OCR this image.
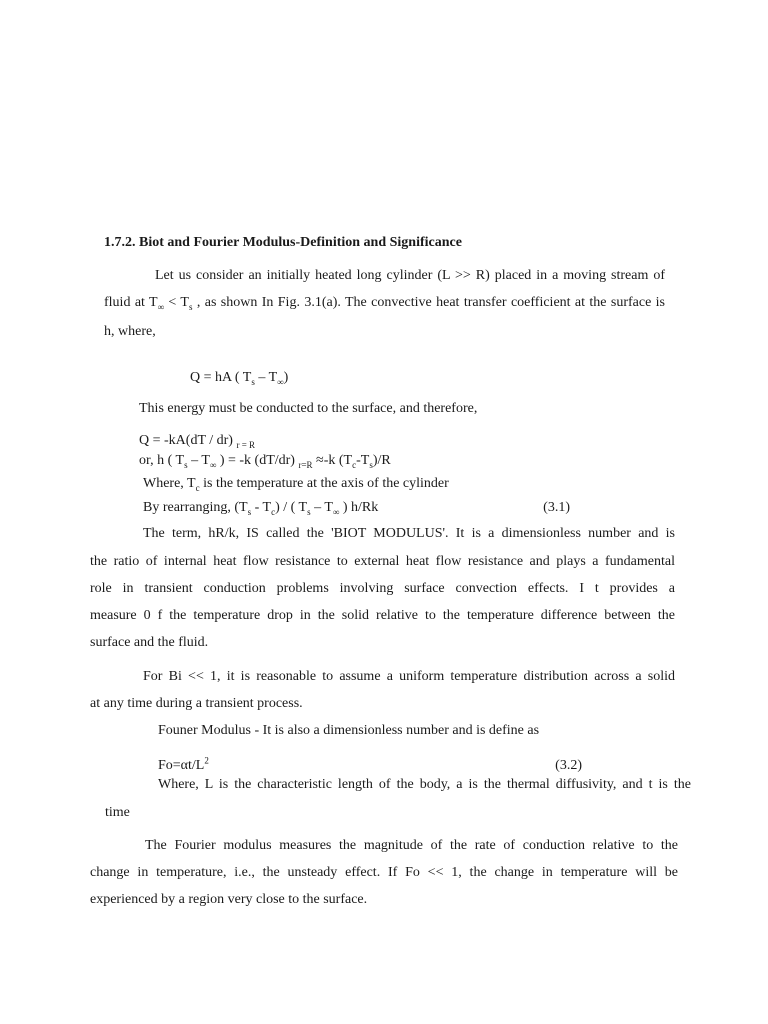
1.7.2. Biot and Fourier Modulus-Definition and Significance
Let us consider an initially heated long cylinder (L >> R) placed in a moving stream of
fluid at $T_\infty < T_s$ , as shown In Fig. 3.1(a). The convective heat transfer coefficient at the surface is
h, where,
Q = hA ( $T_s - T_\infty$)
This energy must be conducted to the surface, and therefore,
Q = -kA(dT / dr) $_{r = R}$
or, h ( $T_s - T_\infty$ ) = -k (dT/dr) $_{r=R}$ ≈-k $(T_c-T_s)/R$
Where, $T_c$ is the temperature at the axis of the cylinder
By rearranging, $(T_s - T_c)$ / ( $T_s - T_\infty$ ) h/Rk	(3.1)
The term, hR/k, IS called the 'BIOT MODULUS'. It is a dimensionless number and is
the ratio of internal heat flow resistance to external heat flow resistance and plays a fundamental
role in transient conduction problems involving surface convection effects. I t provides a
measure 0 f the temperature drop in the solid relative to the temperature difference between the
surface and the fluid.
For Bi << 1, it is reasonable to assume a uniform temperature distribution across a solid
at any time during a transient process.
Founer Modulus - It is also a dimensionless number and is define as
$Fo=\alpha t/L^2$	(3.2)
Where, L is the characteristic length of the body, a is the thermal diffusivity, and t is the
time
The Fourier modulus measures the magnitude of the rate of conduction relative to the
change in temperature, i.e., the unsteady effect. If Fo << 1, the change in temperature will be
experienced by a region very close to the surface.
